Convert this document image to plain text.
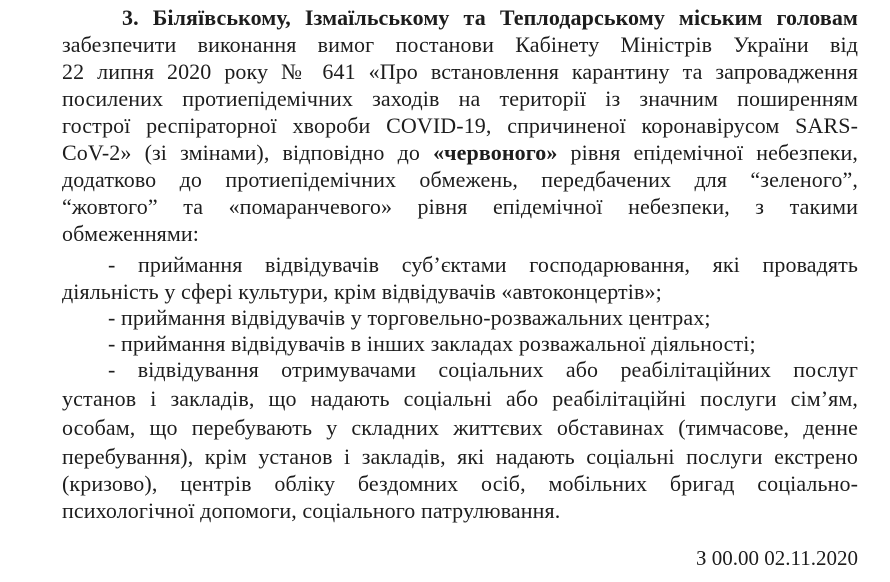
3. Біляївському, Ізмаїльському та Теплодарському міським головам
забезпечити виконання вимог постанови Кабінету Міністрів України від
22 липня 2020 року № 641 «Про встановлення карантину та запровадження
посилених протиепідемічних заходів на території із значним поширенням
гострої респіраторної хвороби COVID-19, спричиненої коронавірусом SARS-
CoV-2» (зі змінами), відповідно до «червоного» рівня епідемічної небезпеки,
додатково до протиепідемічних обмежень, передбачених для “зеленого”,
“жовтого” та «помаранчевого» рівня епідемічної небезпеки, з такими
обмеженнями:
- приймання відвідувачів суб’єктами господарювання, які провадять
діяльність у сфері культури, крім відвідувачів «автоконцертів»;
- приймання відвідувачів у торговельно-розважальних центрах;
- приймання відвідувачів в інших закладах розважальної діяльності;
- відвідування отримувачами соціальних або реабілітаційних послуг
установ і закладів, що надають соціальні або реабілітаційні послуги сім’ям,
особам, що перебувають у складних життєвих обставинах (тимчасове, денне
перебування), крім установ і закладів, які надають соціальні послуги екстрено
(кризово), центрів обліку бездомних осіб, мобільних бригад соціально-
психологічної допомоги, соціального патрулювання.
З 00.00 02.11.2020
